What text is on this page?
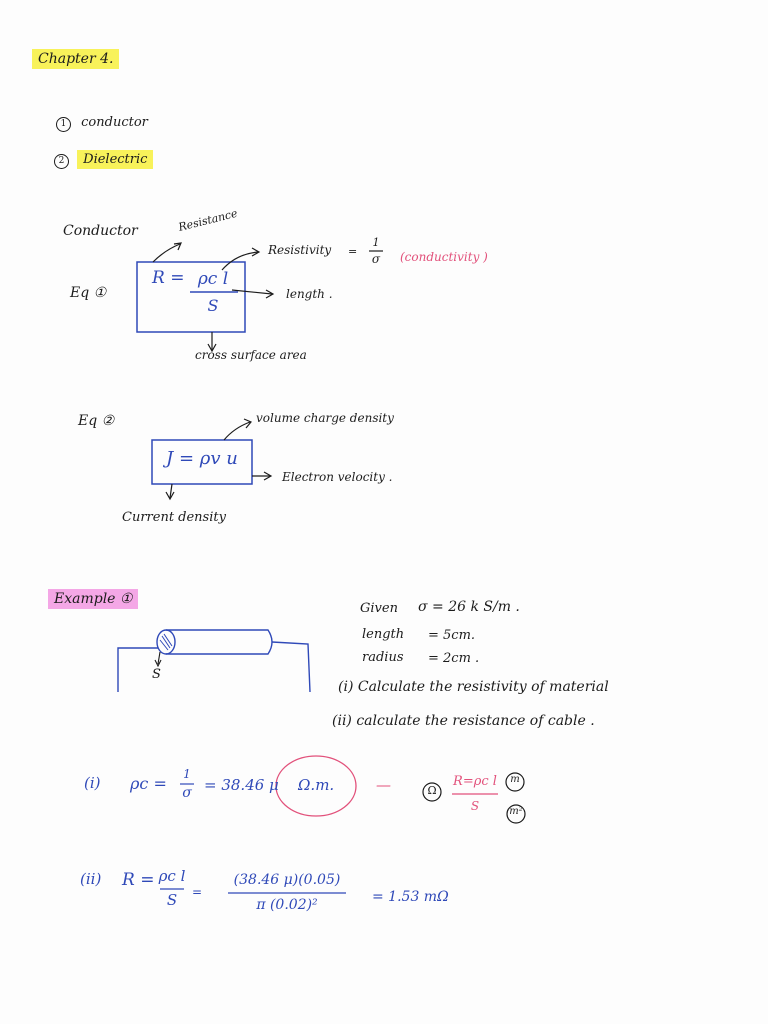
Chapter 4.
1 conductor
2 Dielectric
Conductor	Resistance
Resistivity =
1
σ	(conductivity )
Eq ①
R = ρc l
S
length .
cross surface area
Eq ②
J = ρv u
volume charge density
Electron velocity .
Current density
Example ①
S
Given σ = 26 k S/m .
length = 5cm.
radius = 2cm .
(i) Calculate the resistivity of material
(ii) calculate the resistance of cable .
(i) ρc =	1
σ = 38.46 μ Ω.m.	—	Ω
R=ρc l
S
m
m²
(ii) R = ρc l
S	=
(38.46 μ)(0.05)
π (0.02)²	= 1.53 mΩ
